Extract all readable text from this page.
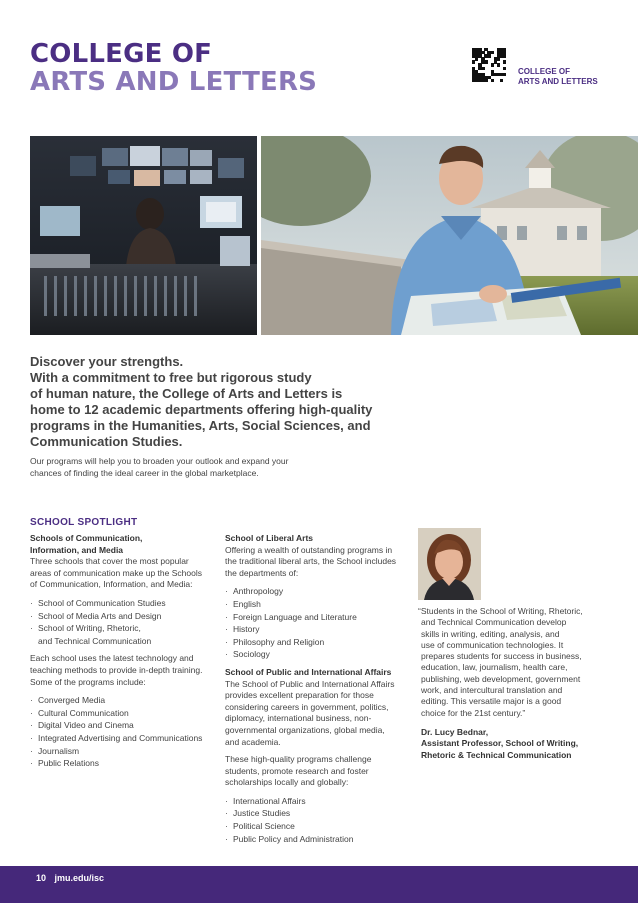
COLLEGE OF
ARTS AND LETTERS	COLLEGE OF
ARTS AND LETTERS
Discover your strengths.
With a commitment to free but rigorous study
of human nature, the College of Arts and Letters is
home to 12 academic departments offering high-quality
programs in the Humanities, Arts, Social Sciences, and
Communication Studies.
Our programs will help you to broaden your outlook and expand your
chances of finding the ideal career in the global marketplace.
SCHOOL SPOTLIGHT
Schools of Communication,
Information, and Media
Three schools that cover the most popular
areas of communication make up the Schools
of Communication, Information, and Media:
· School of Communication Studies
· School of Media Arts and Design
· School of Writing, Rhetoric,
and Technical Communication
Each school uses the latest technology and
teaching methods to provide in-depth training.
Some of the programs include:
· Converged Media
· Cultural Communication
· Digital Video and Cinema
· Integrated Advertising and Communications
· Journalism
· Public Relations
School of Liberal Arts
Offering a wealth of outstanding programs in
the traditional liberal arts, the School includes
the departments of:
· Anthropology
· English
· Foreign Language and Literature
· History
· Philosophy and Religion
· Sociology
School of Public and International Affairs
The School of Public and International Affairs
provides excellent preparation for those
considering careers in government, politics,
diplomacy, international business, non-
governmental organizations, global media,
and academia.
These high-quality programs challenge
students, promote research and foster
scholarships locally and globally:
· International Affairs
· Justice Studies
· Political Science
· Public Policy and Administration
“Students in the School of Writing, Rhetoric,
and Technical Communication develop
skills in writing, editing, analysis, and
use of communication technologies. It
prepares students for success in business,
education, law, journalism, health care,
publishing, web development, government
work, and intercultural translation and
editing. This versatile major is a good
choice for the 21st century.”
Dr. Lucy Bednar,
Assistant Professor, School of Writing,
Rhetoric & Technical Communication
10 jmu.edu/isc
